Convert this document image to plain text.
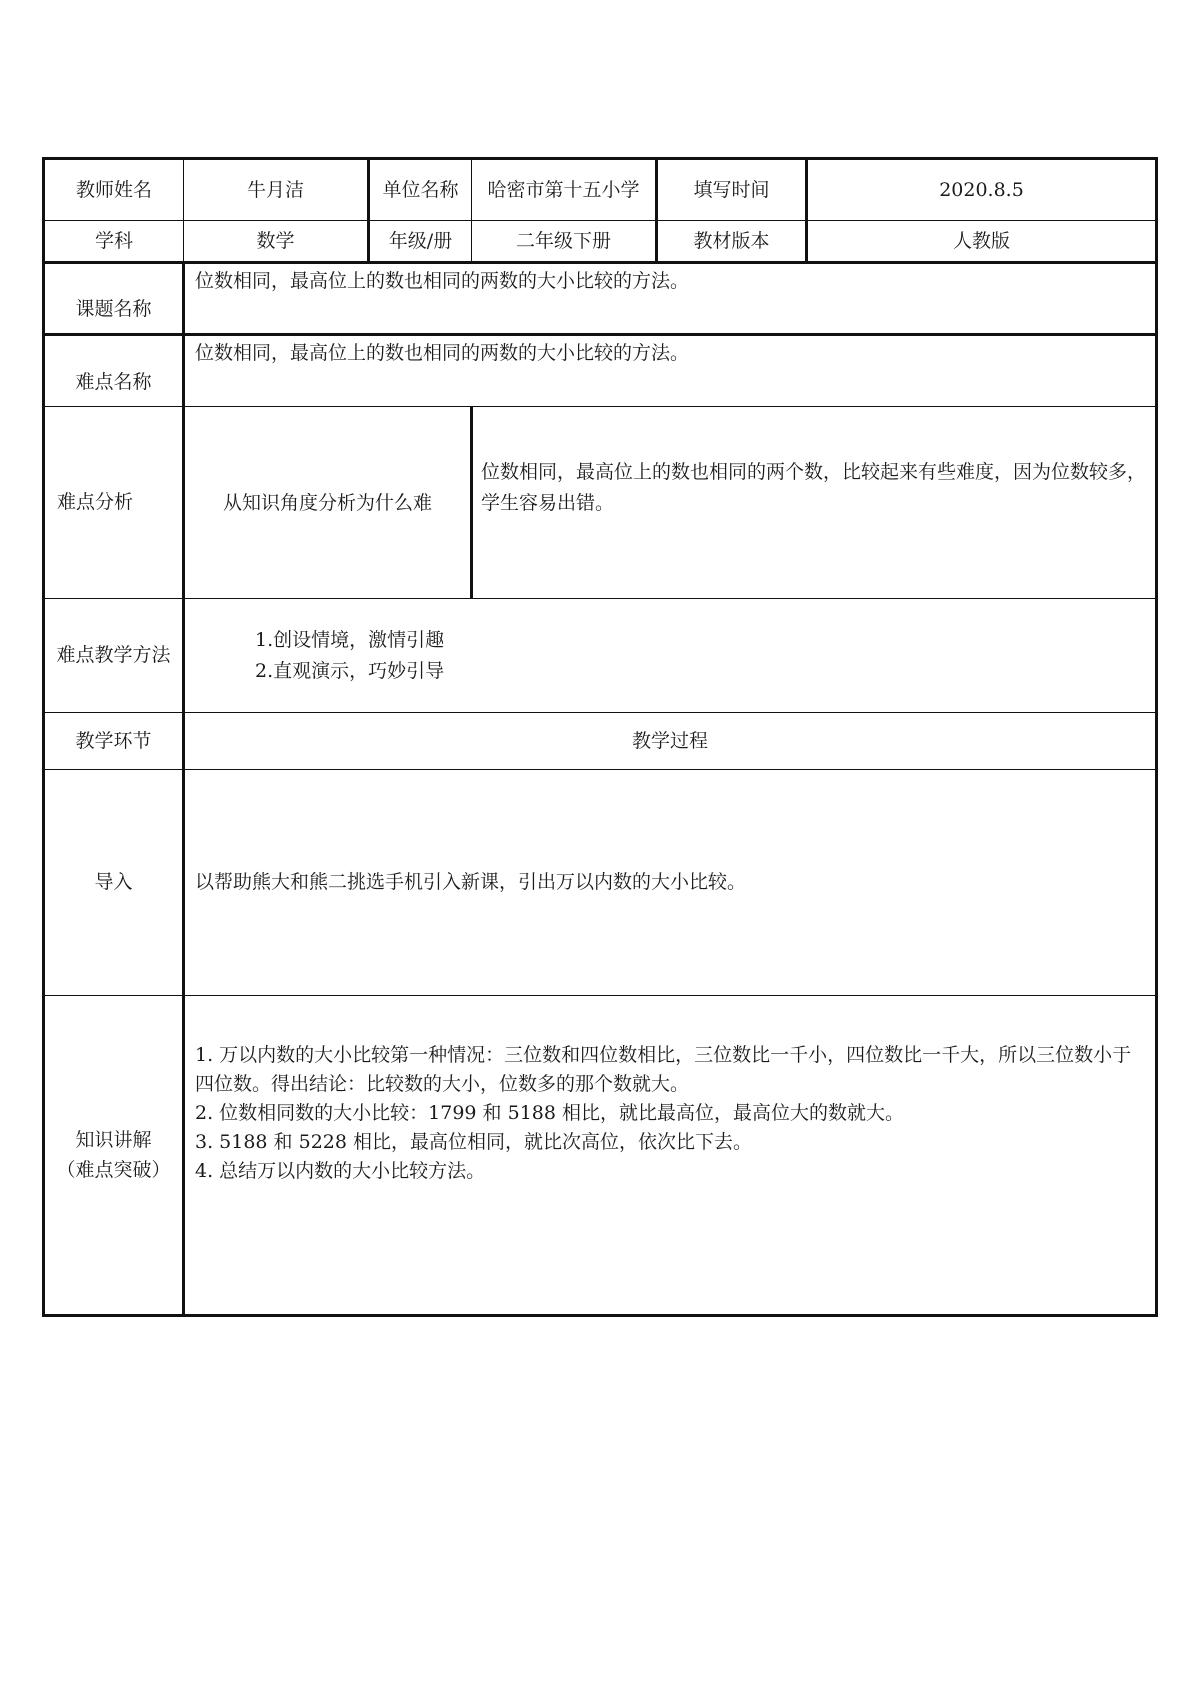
教师姓名	牛月洁	单位名称	哈密市第十五小学	填写时间	2020.8.5
学科	数学	年级/册	二年级下册	教材版本	人教版
课题名称	位数相同，最高位上的数也相同的两数的大小比较的方法。				
难点名称	位数相同，最高位上的数也相同的两数的大小比较的方法。				
难点分析	从知识角度分析为什么难		位数相同，最高位上的数也相同的两个数，比较起来有些难度，因为位数较多，学生容易出错。		
难点教学方法	1.创设情境，激情引趣
2.直观演示，巧妙引导				

教学环节	教学过程				
导入	以帮助熊大和熊二挑选手机引入新课，引出万以内数的大小比较。				

知识讲解
（难点突破）	1. 万以内数的大小比较第一种情况：三位数和四位数相比，三位数比一千小，四位数比一千大，所以三位数小于四位数。得出结论：比较数的大小，位数多的那个数就大。
2. 位数相同数的大小比较：1799 和 5188 相比，就比最高位，最高位大的数就大。
3. 5188 和 5228 相比，最高位相同，就比次高位，依次比下去。
4. 总结万以内数的大小比较方法。				
